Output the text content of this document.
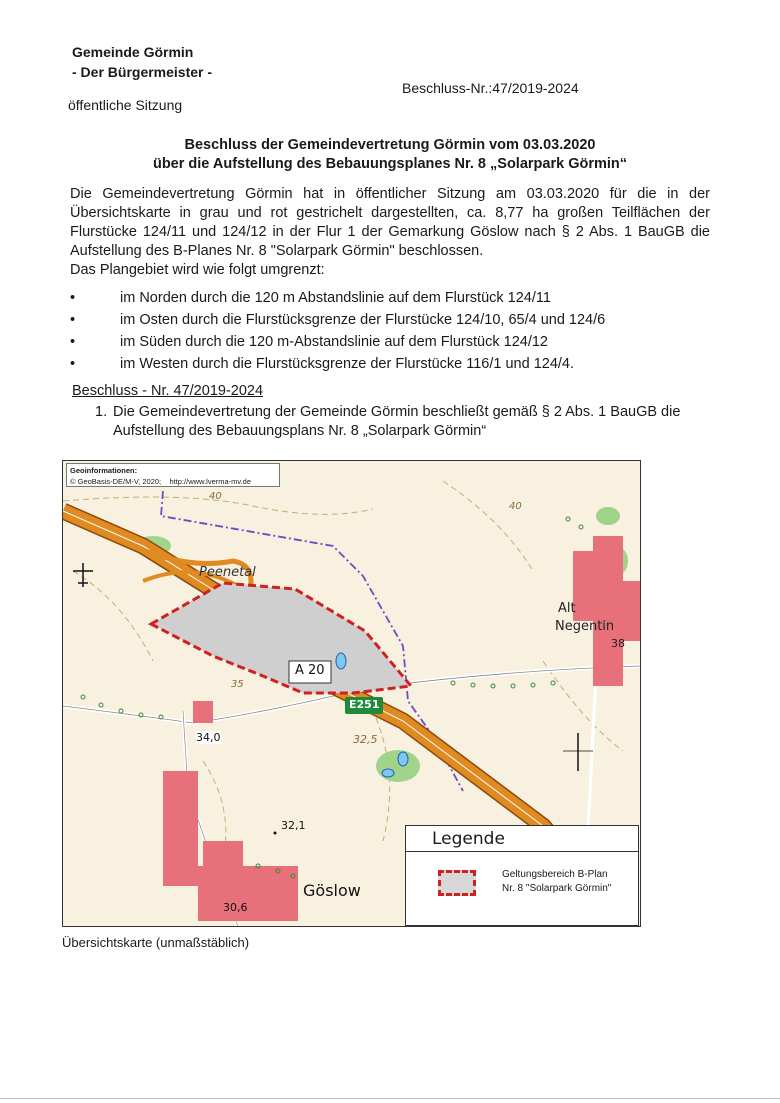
Gemeinde Görmin
- Der Bürgermeister -
Beschluss-Nr.:47/2019-2024
öffentliche Sitzung
Beschluss der Gemeindevertretung Görmin vom 03.03.2020
über die Aufstellung des Bebauungsplanes Nr. 8 „Solarpark Görmin“
Die Gemeindevertretung Görmin hat in öffentlicher Sitzung am 03.03.2020 für die in der Übersichtskarte in grau und rot gestrichelt dargestellten, ca. 8,77 ha großen Teilflächen der Flurstücke 124/11 und 124/12 in der Flur 1 der Gemarkung Göslow nach § 2 Abs. 1 BauGB die Aufstellung des B-Planes Nr. 8 "Solarpark Görmin" beschlossen.
Das Plangebiet wird wie folgt umgrenzt:
•	im Norden durch die 120 m Abstandslinie auf dem Flurstück 124/11
•	im Osten durch die Flurstücksgrenze der Flurstücke 124/10, 65/4 und 124/6
•	im Süden durch die 120 m-Abstandslinie auf dem Flurstück 124/12
•	im Westen durch die Flurstücksgrenze der Flurstücke 116/1 und 124/4.
Beschluss - Nr. 47/2019-2024
1. Die Gemeindevertretung der Gemeinde Görmin beschließt gemäß § 2 Abs. 1 BauGB die Aufstellung des Bebauungsplans Nr. 8 „Solarpark Görmin“
Peenetal
Alt
Negentin
38
A 20
E251
34,0	32,5
32,1
Göslow
30,6
40
40
35
Geoinformationen:
© GeoBasis-DE/M-V, 2020; http://www.lverma-mv.de
Legende
Geltungsbereich B-Plan
Nr. 8 "Solarpark Görmin"
Übersichtskarte (unmaßstäblich)
